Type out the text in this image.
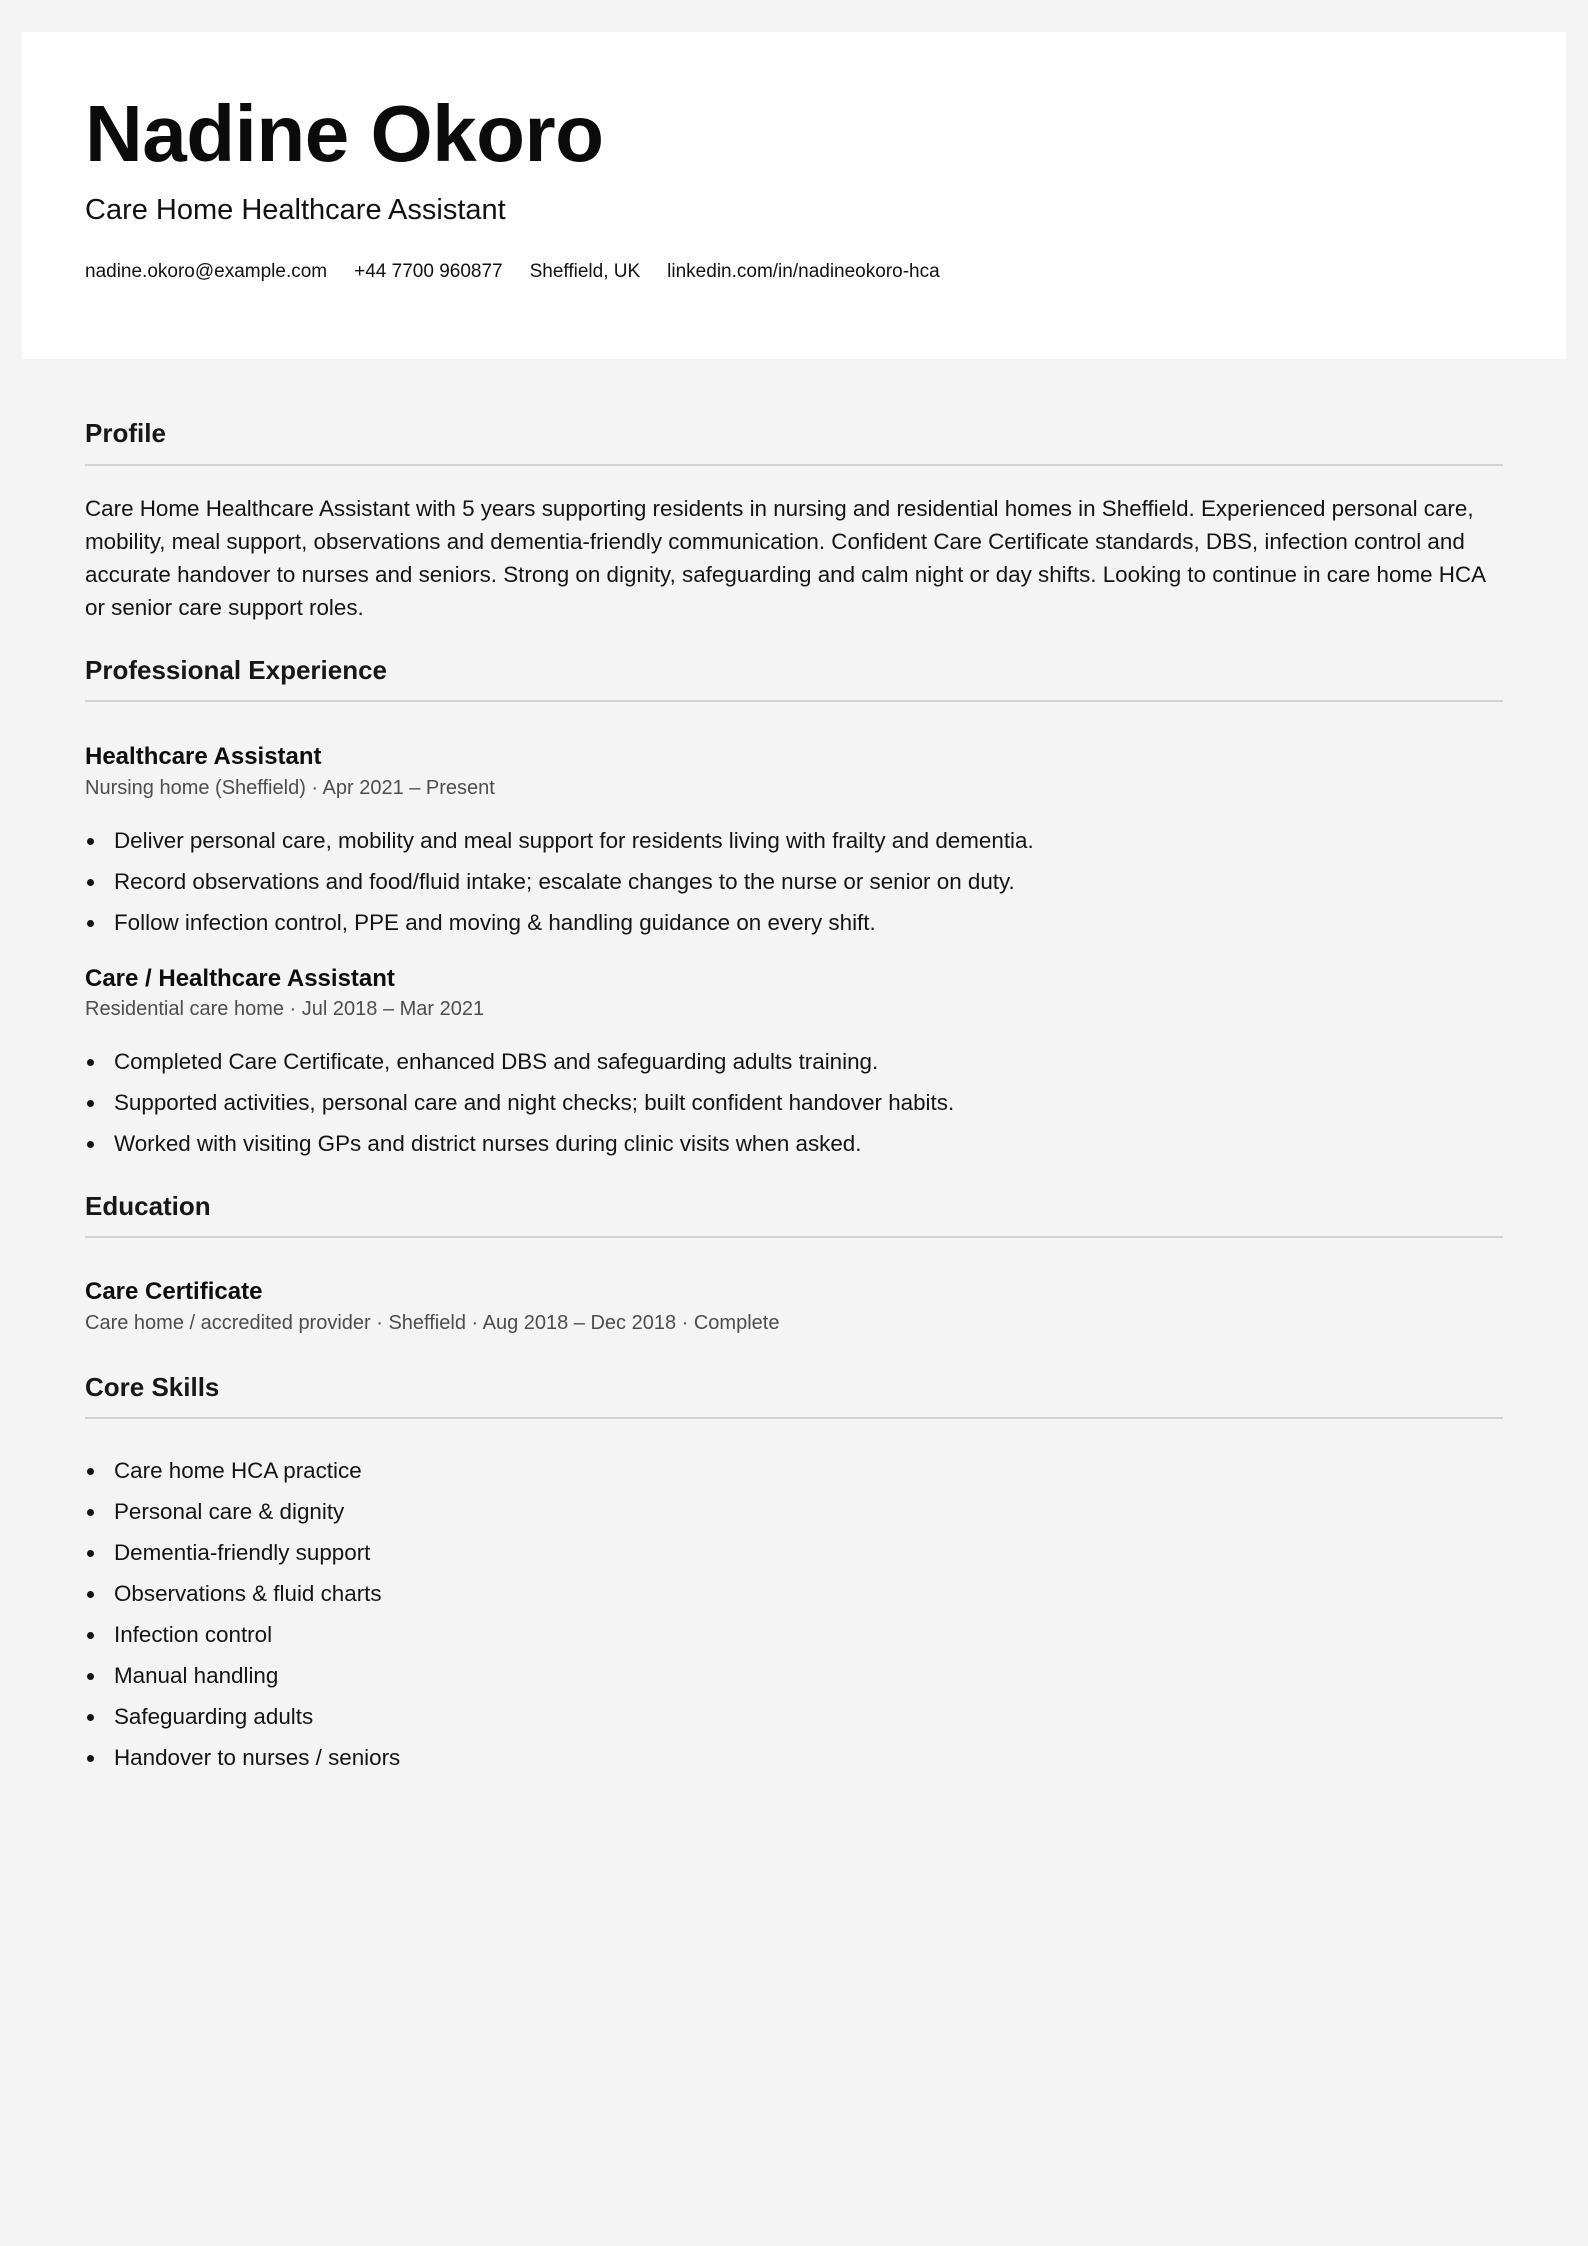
Nadine Okoro
Care Home Healthcare Assistant
nadine.okoro@example.com +44 7700 960877 Sheffield, UK linkedin.com/in/nadineokoro-hca
Profile

Care Home Healthcare Assistant with 5 years supporting residents in nursing and residential homes in Sheffield. Experienced personal care, mobility, meal support, observations and dementia-friendly communication. Confident Care Certificate standards, DBS, infection control and accurate handover to nurses and seniors. Strong on dignity, safeguarding and calm night or day shifts. Looking to continue in care home HCA or senior care support roles.

Professional Experience
Healthcare Assistant
Nursing home (Sheffield) · Apr 2021 – Present
Deliver personal care, mobility and meal support for residents living with frailty and dementia.
Record observations and food/fluid intake; escalate changes to the nurse or senior on duty.
Follow infection control, PPE and moving & handling guidance on every shift.
Care / Healthcare Assistant
Residential care home · Jul 2018 – Mar 2021
Completed Care Certificate, enhanced DBS and safeguarding adults training.
Supported activities, personal care and night checks; built confident handover habits.
Worked with visiting GPs and district nurses during clinic visits when asked.
Education
Care Certificate
Care home / accredited provider · Sheffield · Aug 2018 – Dec 2018 · Complete
Core Skills
Care home HCA practice
Personal care & dignity
Dementia-friendly support
Observations & fluid charts
Infection control
Manual handling
Safeguarding adults
Handover to nurses / seniors
